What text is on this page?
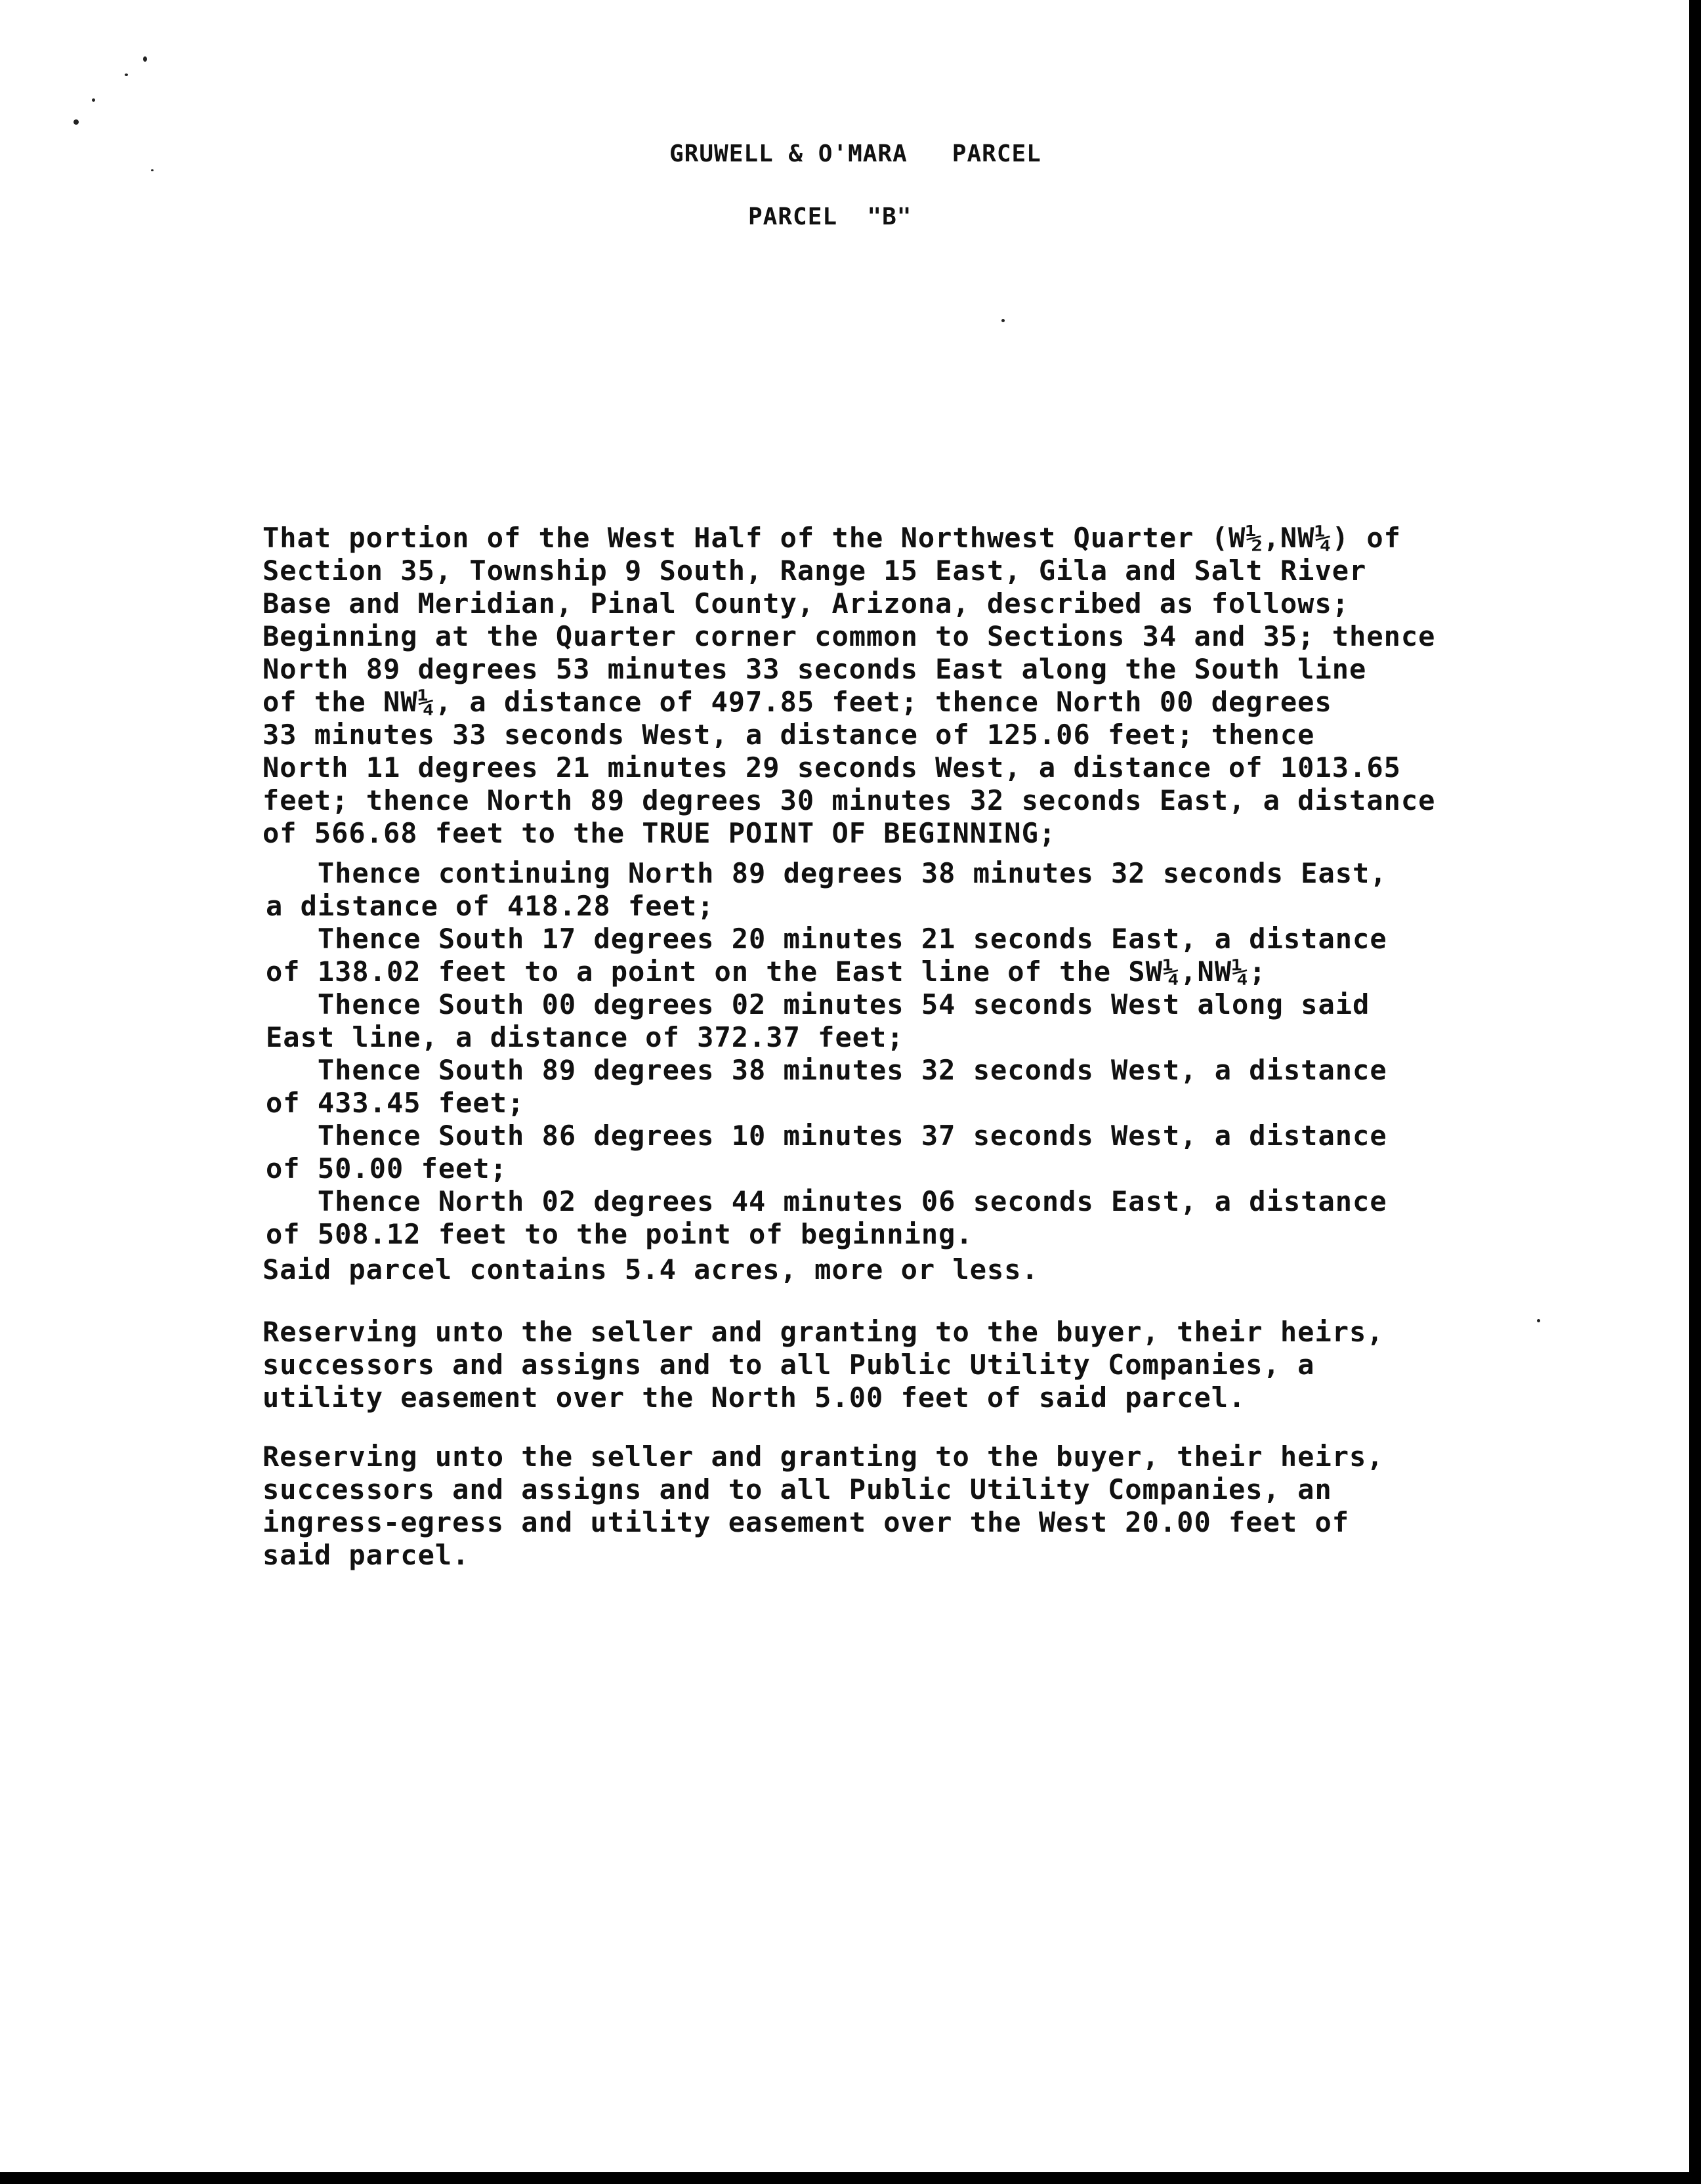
GRUWELL & O'MARA   PARCEL
PARCEL  "B"

That portion of the West Half of the Northwest Quarter (W½,NW¼) of
Section 35, Township 9 South, Range 15 East, Gila and Salt River
Base and Meridian, Pinal County, Arizona, described as follows;
Beginning at the Quarter corner common to Sections 34 and 35; thence
North 89 degrees 53 minutes 33 seconds East along the South line
of the NW¼, a distance of 497.85 feet; thence North 00 degrees
33 minutes 33 seconds West, a distance of 125.06 feet; thence
North 11 degrees 21 minutes 29 seconds West, a distance of 1013.65
feet; thence North 89 degrees 30 minutes 32 seconds East, a distance
of 566.68 feet to the TRUE POINT OF BEGINNING;

Thence continuing North 89 degrees 38 minutes 32 seconds East,
a distance of 418.28 feet;
Thence South 17 degrees 20 minutes 21 seconds East, a distance
of 138.02 feet to a point on the East line of the SW¼,NW¼;
Thence South 00 degrees 02 minutes 54 seconds West along said
East line, a distance of 372.37 feet;
Thence South 89 degrees 38 minutes 32 seconds West, a distance
of 433.45 feet;
Thence South 86 degrees 10 minutes 37 seconds West, a distance
of 50.00 feet;
Thence North 02 degrees 44 minutes 06 seconds East, a distance
of 508.12 feet to the point of beginning.

Said parcel contains 5.4 acres, more or less.

Reserving unto the seller and granting to the buyer, their heirs,
successors and assigns and to all Public Utility Companies, a
utility easement over the North 5.00 feet of said parcel.

Reserving unto the seller and granting to the buyer, their heirs,
successors and assigns and to all Public Utility Companies, an
ingress-egress and utility easement over the West 20.00 feet of
said parcel.
